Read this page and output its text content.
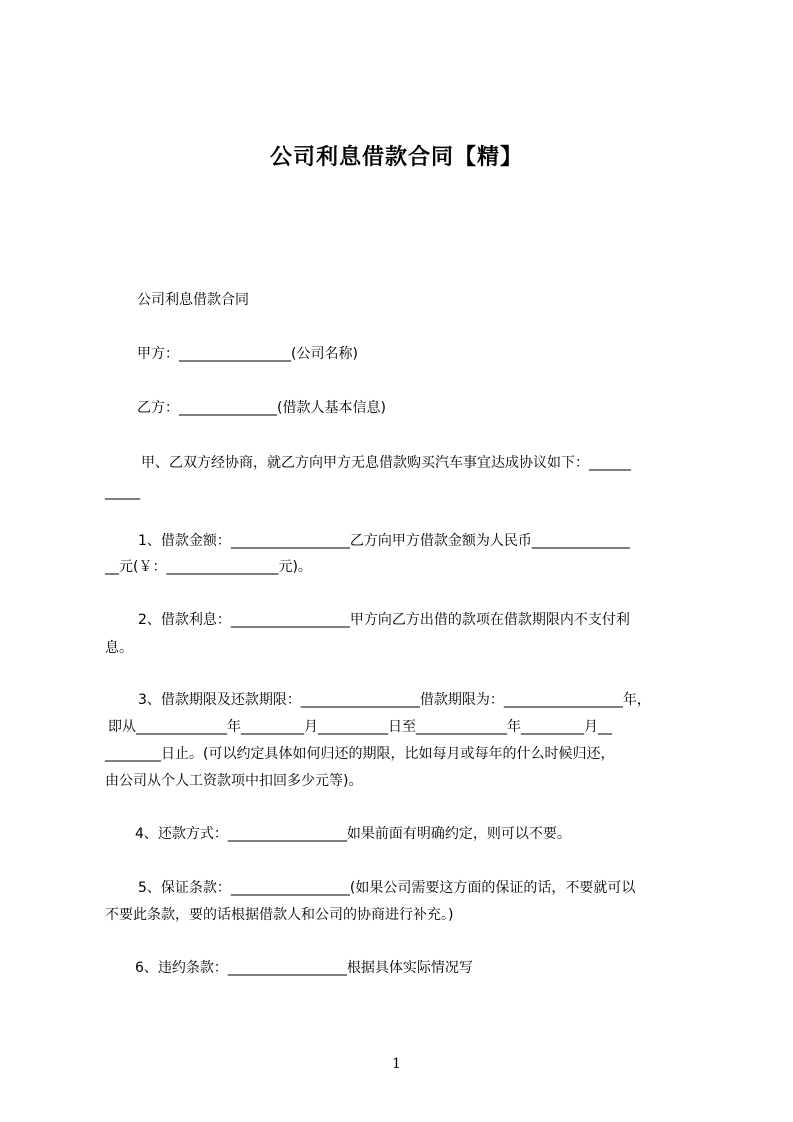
公司利息借款合同【精】
公司利息借款合同
甲方：________________(公司名称)
乙方：______________(借款人基本信息)
甲、乙双方经协商，就乙方向甲方无息借款购买汽车事宜达成协议如下：______
_____
1、借款金额：_________________乙方向甲方借款金额为人民币______________
__元(￥：________________元)。
2、借款利息：_________________甲方向乙方出借的款项在借款期限内不支付利
息。
3、借款期限及还款期限：_________________借款期限为：_________________年，
即从_____________年_________月__________日至_____________年_________月__
________日止。(可以约定具体如何归还的期限，比如每月或每年的什么时候归还，
由公司从个人工资款项中扣回多少元等)。
4、还款方式：_________________如果前面有明确约定，则可以不要。
5、保证条款：_________________(如果公司需要这方面的保证的话，不要就可以
不要此条款，要的话根据借款人和公司的协商进行补充。)
6、违约条款：_________________根据具体实际情况写
1
